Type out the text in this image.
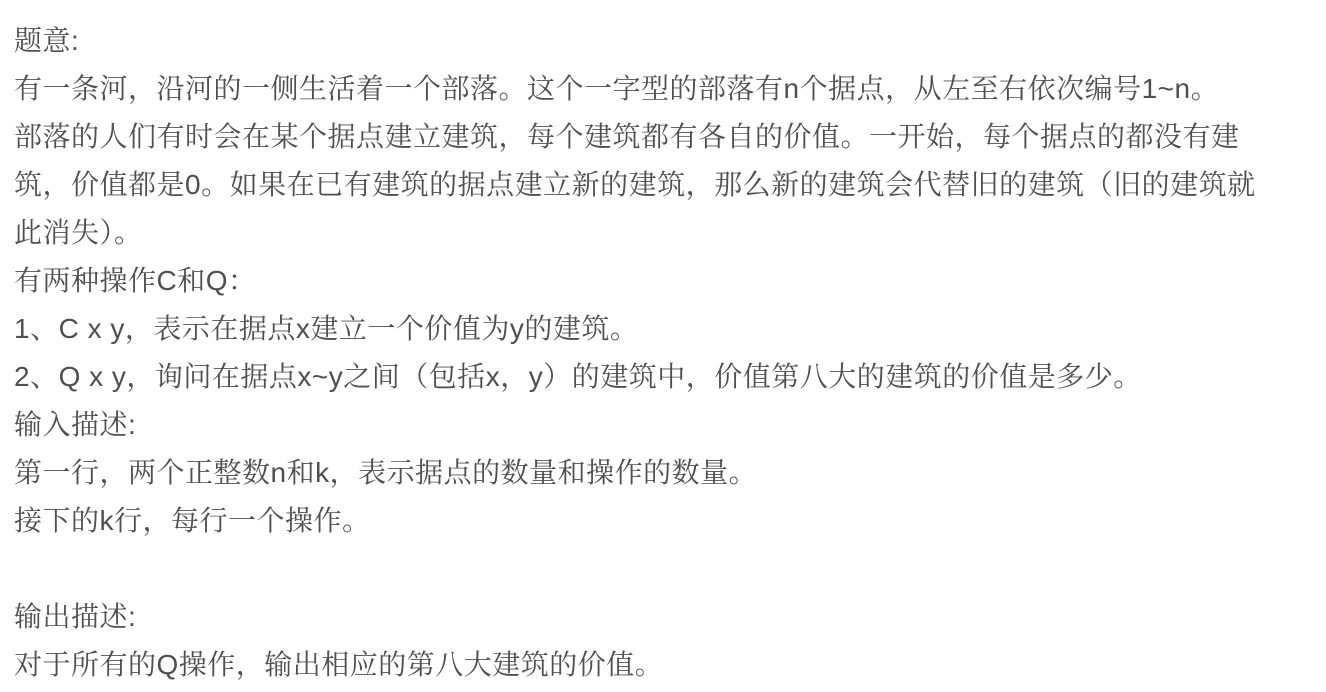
题意:
有一条河，沿河的一侧生活着一个部落。这个一字型的部落有n个据点，从左至右依次编号1~n。
部落的人们有时会在某个据点建立建筑，每个建筑都有各自的价值。一开始，每个据点的都没有建
筑，价值都是0。如果在已有建筑的据点建立新的建筑，那么新的建筑会代替旧的建筑（旧的建筑就
此消失）。
有两种操作C和Q：
1、C x y，表示在据点x建立一个价值为y的建筑。
2、Q x y，询问在据点x~y之间（包括x，y）的建筑中，价值第八大的建筑的价值是多少。
输入描述:
第一行，两个正整数n和k，表示据点的数量和操作的数量。
接下的k行，每行一个操作。
输出描述:
对于所有的Q操作，输出相应的第八大建筑的价值。
